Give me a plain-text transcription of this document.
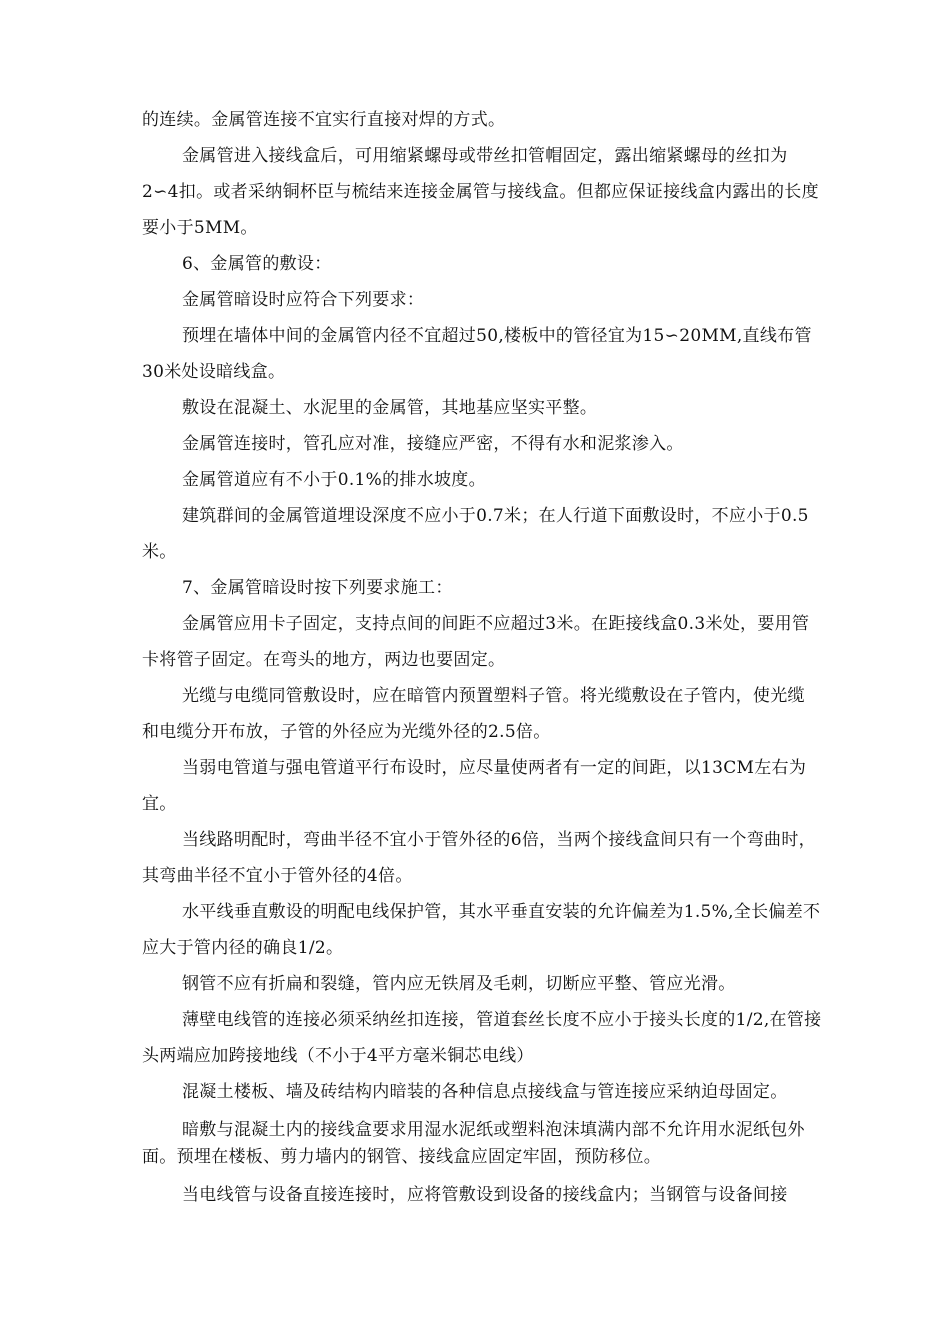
的连续。金属管连接不宜实行直接对焊的方式。

金属管进入接线盒后，可用缩紧螺母或带丝扣管帽固定，露出缩紧螺母的丝扣为2∽4扣。或者采纳铜杯臣与梳结来连接金属管与接线盒。但都应保证接线盒内露出的长度要小于5MM。

6、金属管的敷设：

金属管暗设时应符合下列要求：

预埋在墙体中间的金属管内径不宜超过50,楼板中的管径宜为15∽20MM,直线布管30米处设暗线盒。

敷设在混凝土、水泥里的金属管，其地基应坚实平整。

金属管连接时，管孔应对准，接缝应严密，不得有水和泥浆渗入。

金属管道应有不小于0.1%的排水坡度。

建筑群间的金属管道埋设深度不应小于0.7米；在人行道下面敷设时，不应小于0.5米。

7、金属管暗设时按下列要求施工：

金属管应用卡子固定，支持点间的间距不应超过3米。在距接线盒0.3米处，要用管卡将管子固定。在弯头的地方，两边也要固定。

光缆与电缆同管敷设时，应在暗管内预置塑料子管。将光缆敷设在子管内，使光缆和电缆分开布放，子管的外径应为光缆外径的2.5倍。

当弱电管道与强电管道平行布设时，应尽量使两者有一定的间距，以13CM左右为宜。

当线路明配时，弯曲半径不宜小于管外径的6倍，当两个接线盒间只有一个弯曲时，其弯曲半径不宜小于管外径的4倍。

水平线垂直敷设的明配电线保护管，其水平垂直安装的允许偏差为1.5%,全长偏差不应大于管内径的确良1/2。

钢管不应有折扁和裂缝，管内应无铁屑及毛刺，切断应平整、管应光滑。

薄壁电线管的连接必须采纳丝扣连接，管道套丝长度不应小于接头长度的1/2,在管接头两端应加跨接地线（不小于4平方毫米铜芯电线）

混凝土楼板、墙及砖结构内暗装的各种信息点接线盒与管连接应采纳迫母固定。

暗敷与混凝土内的接线盒要求用湿水泥纸或塑料泡沫填满内部不允许用水泥纸包外面。预埋在楼板、剪力墙内的钢管、接线盒应固定牢固，预防移位。

当电线管与设备直接连接时，应将管敷设到设备的接线盒内；当钢管与设备间接
